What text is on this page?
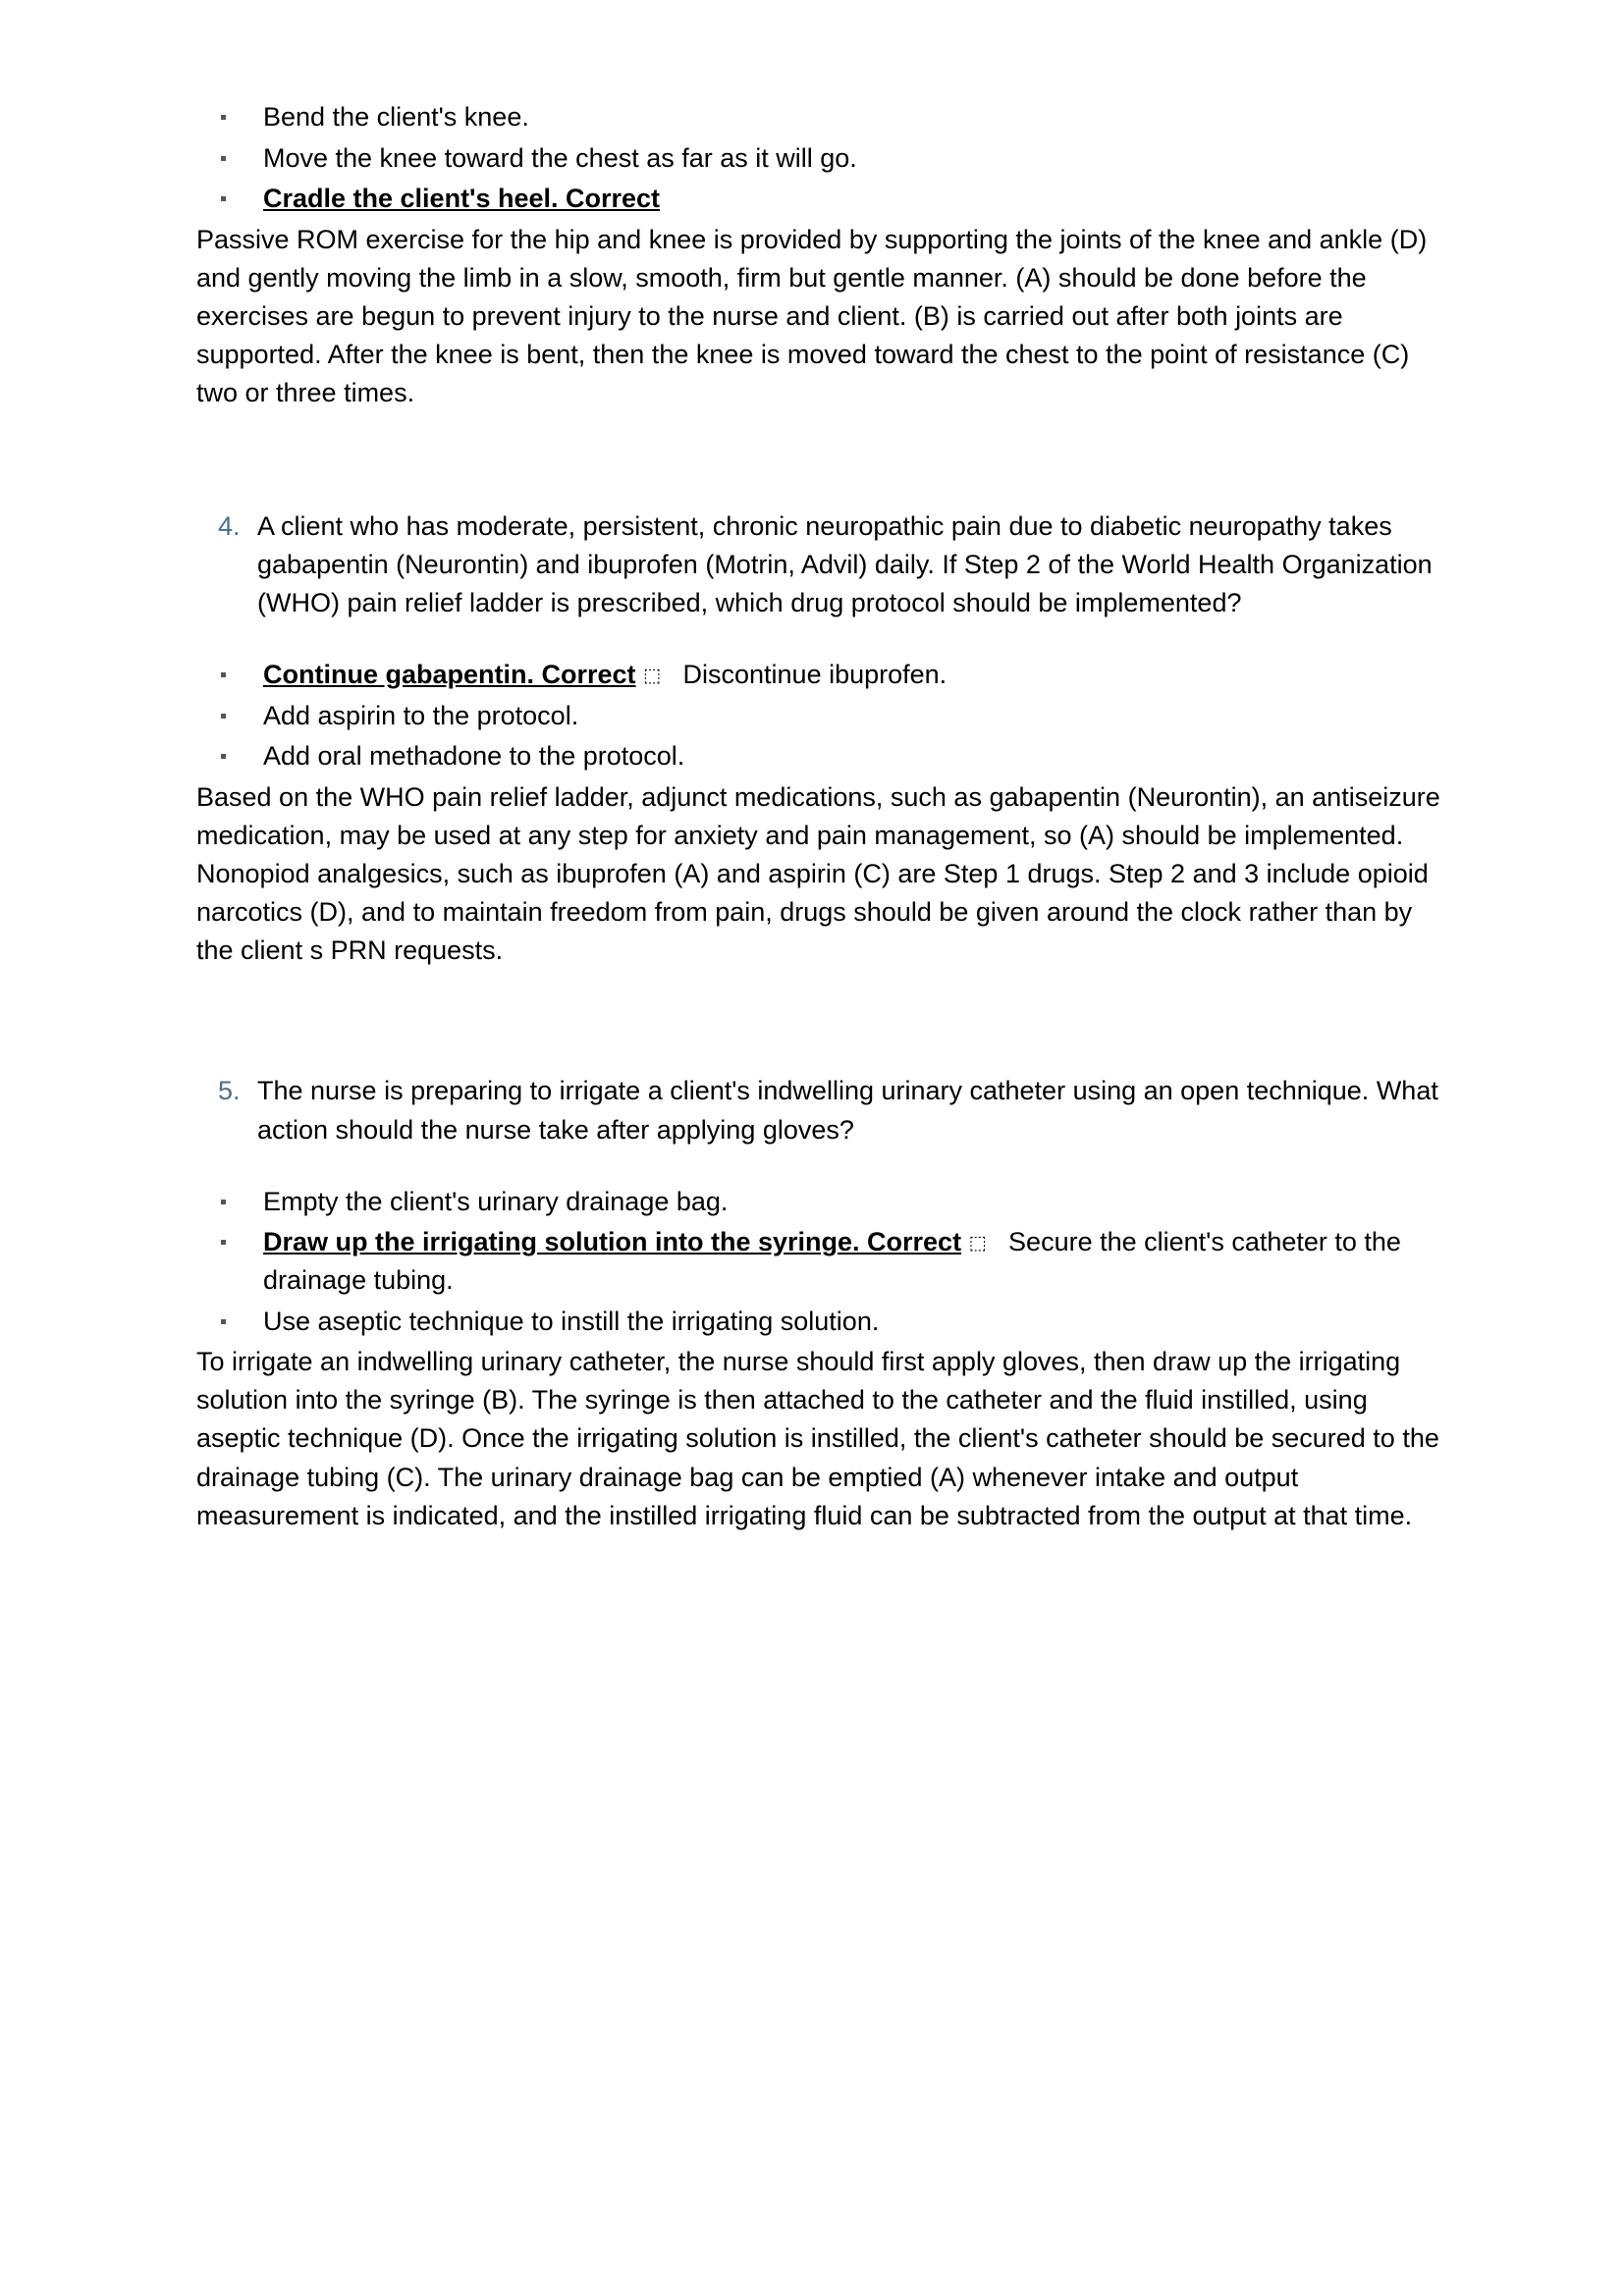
Bend the client's knee.
Move the knee toward the chest as far as it will go.
Cradle the client's heel. Correct

Passive ROM exercise for the hip and knee is provided by supporting the joints of the knee and ankle (D) and gently moving the limb in a slow, smooth, firm but gentle manner. (A) should be done before the exercises are begun to prevent injury to the nurse and client. (B) is carried out after both joints are supported. After the knee is bent, then the knee is moved toward the chest to the point of resistance (C) two or three times.

4. A client who has moderate, persistent, chronic neuropathic pain due to diabetic neuropathy takes gabapentin (Neurontin) and ibuprofen (Motrin, Advil) daily. If Step 2 of the World Health Organization (WHO) pain relief ladder is prescribed, which drug protocol should be implemented?
Continue gabapentin. Correct ⬚ Discontinue ibuprofen.
Add aspirin to the protocol.
Add oral methadone to the protocol.

Based on the WHO pain relief ladder, adjunct medications, such as gabapentin (Neurontin), an antiseizure medication, may be used at any step for anxiety and pain management, so (A) should be implemented. Nonopiod analgesics, such as ibuprofen (A) and aspirin (C) are Step 1 drugs. Step 2 and 3 include opioid narcotics (D), and to maintain freedom from pain, drugs should be given around the clock rather than by the client s PRN requests.

5. The nurse is preparing to irrigate a client's indwelling urinary catheter using an open technique. What action should the nurse take after applying gloves?
Empty the client's urinary drainage bag.
Draw up the irrigating solution into the syringe. Correct ⬚ Secure the client's catheter to the drainage tubing.
Use aseptic technique to instill the irrigating solution.

To irrigate an indwelling urinary catheter, the nurse should first apply gloves, then draw up the irrigating solution into the syringe (B). The syringe is then attached to the catheter and the fluid instilled, using aseptic technique (D). Once the irrigating solution is instilled, the client's catheter should be secured to the drainage tubing (C). The urinary drainage bag can be emptied (A) whenever intake and output measurement is indicated, and the instilled irrigating fluid can be subtracted from the output at that time.
